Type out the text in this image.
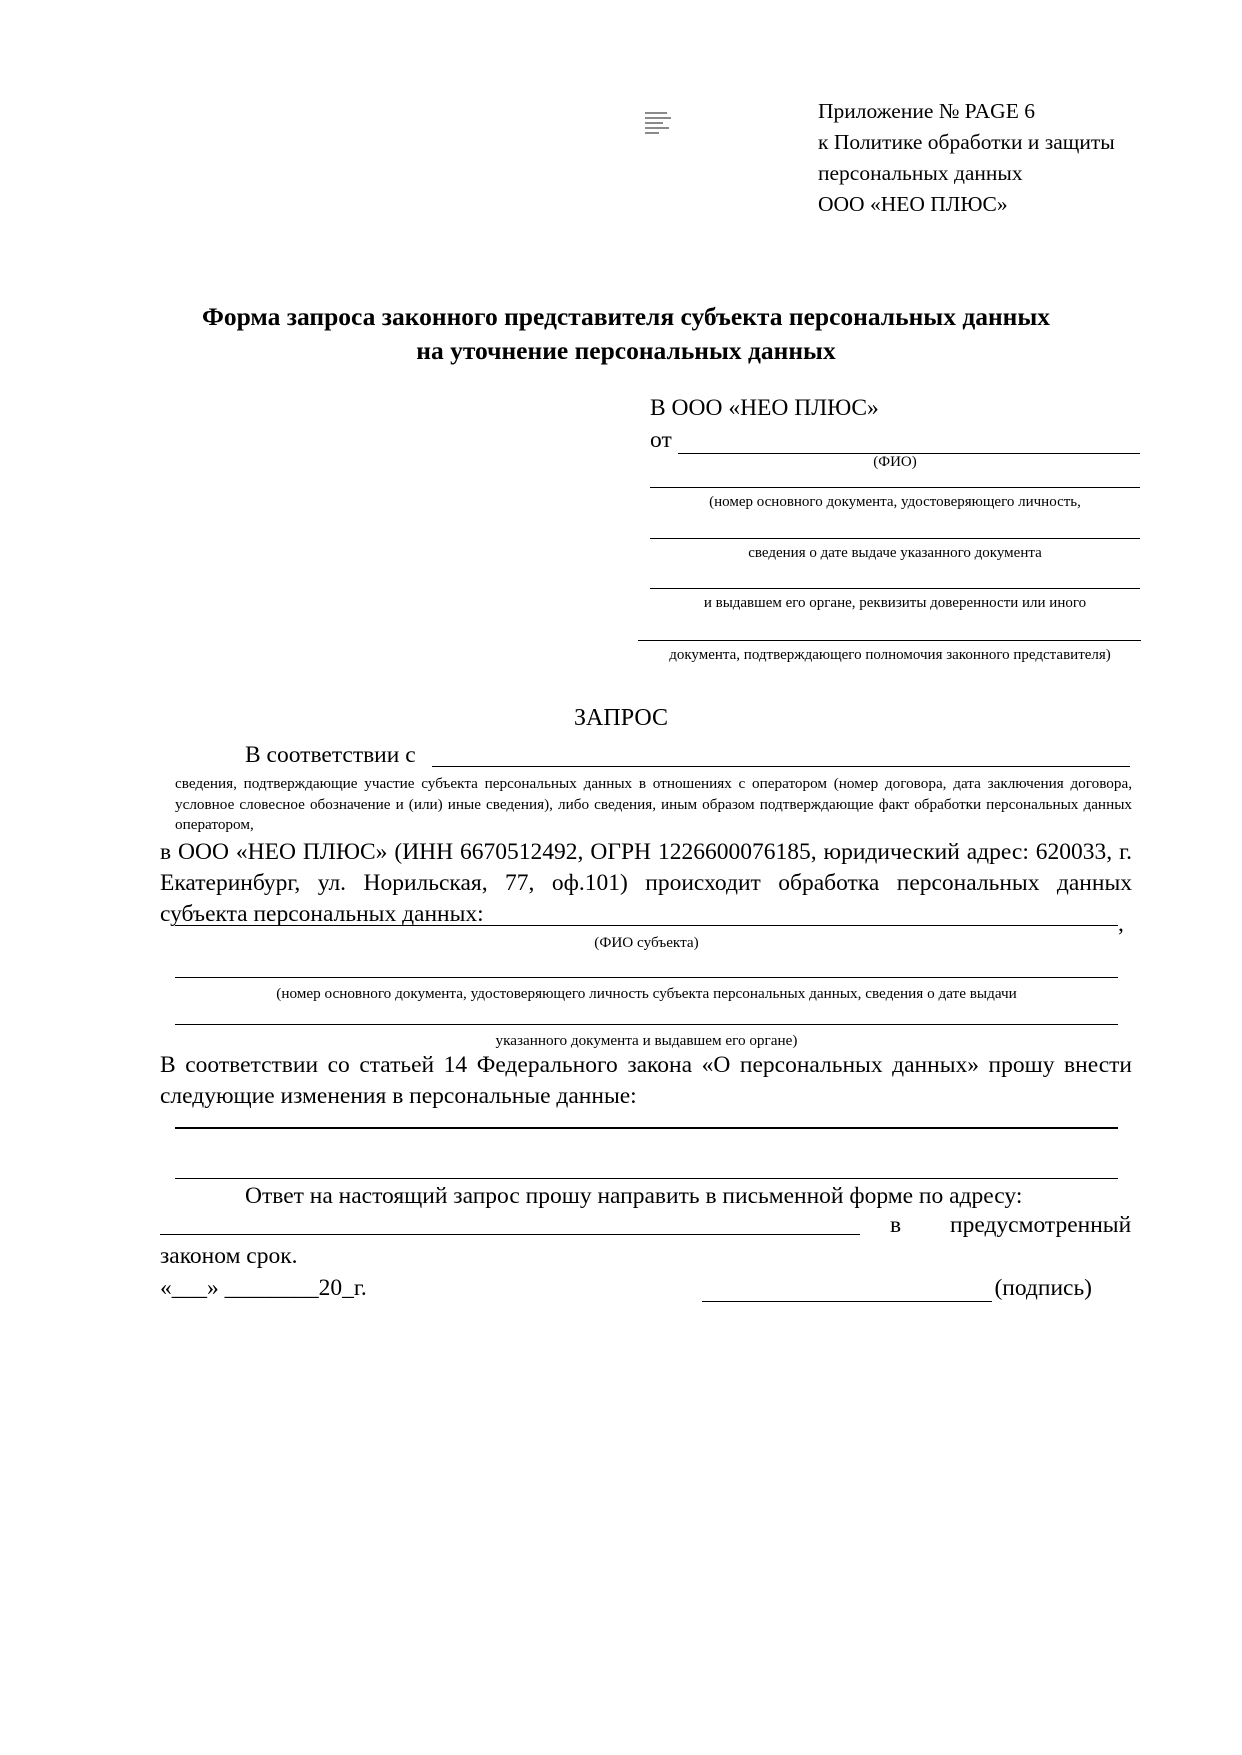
Приложение № PAGE 6
к Политике обработки и защиты
персональных данных
ООО «НЕО ПЛЮС»
Форма запроса законного представителя субъекта персональных данных
на уточнение персональных данных
В ООО «НЕО ПЛЮС»
от
(ФИО)
(номер основного документа, удостоверяющего личность,
сведения о дате выдаче указанного документа
и выдавшем его органе, реквизиты доверенности или иного
документа, подтверждающего полномочия законного представителя)
ЗАПРОС
В соответствии с
сведения, подтверждающие участие субъекта персональных данных в отношениях с оператором (номер договора, дата заключения договора, условное словесное обозначение и (или) иные сведения), либо сведения, иным образом подтверждающие факт обработки персональных данных оператором,
в ООО «НЕО ПЛЮС» (ИНН 6670512492, ОГРН 1226600076185, юридический адрес: 620033, г. Екатеринбург, ул. Норильская, 77, оф.101) происходит обработка персональных данных субъекта персональных данных:	,
(ФИО субъекта)
(номер основного документа, удостоверяющего личность субъекта персональных данных, сведения о дате выдачи
указанного документа и выдавшем его органе)
В соответствии со статьей 14 Федерального закона «О персональных данных» прошу внести следующие изменения в персональные данные:
Ответ на настоящий запрос прошу направить в письменной форме по адресу:
в предусмотренный
законом срок.
«___» ________20_г.	(подпись)
